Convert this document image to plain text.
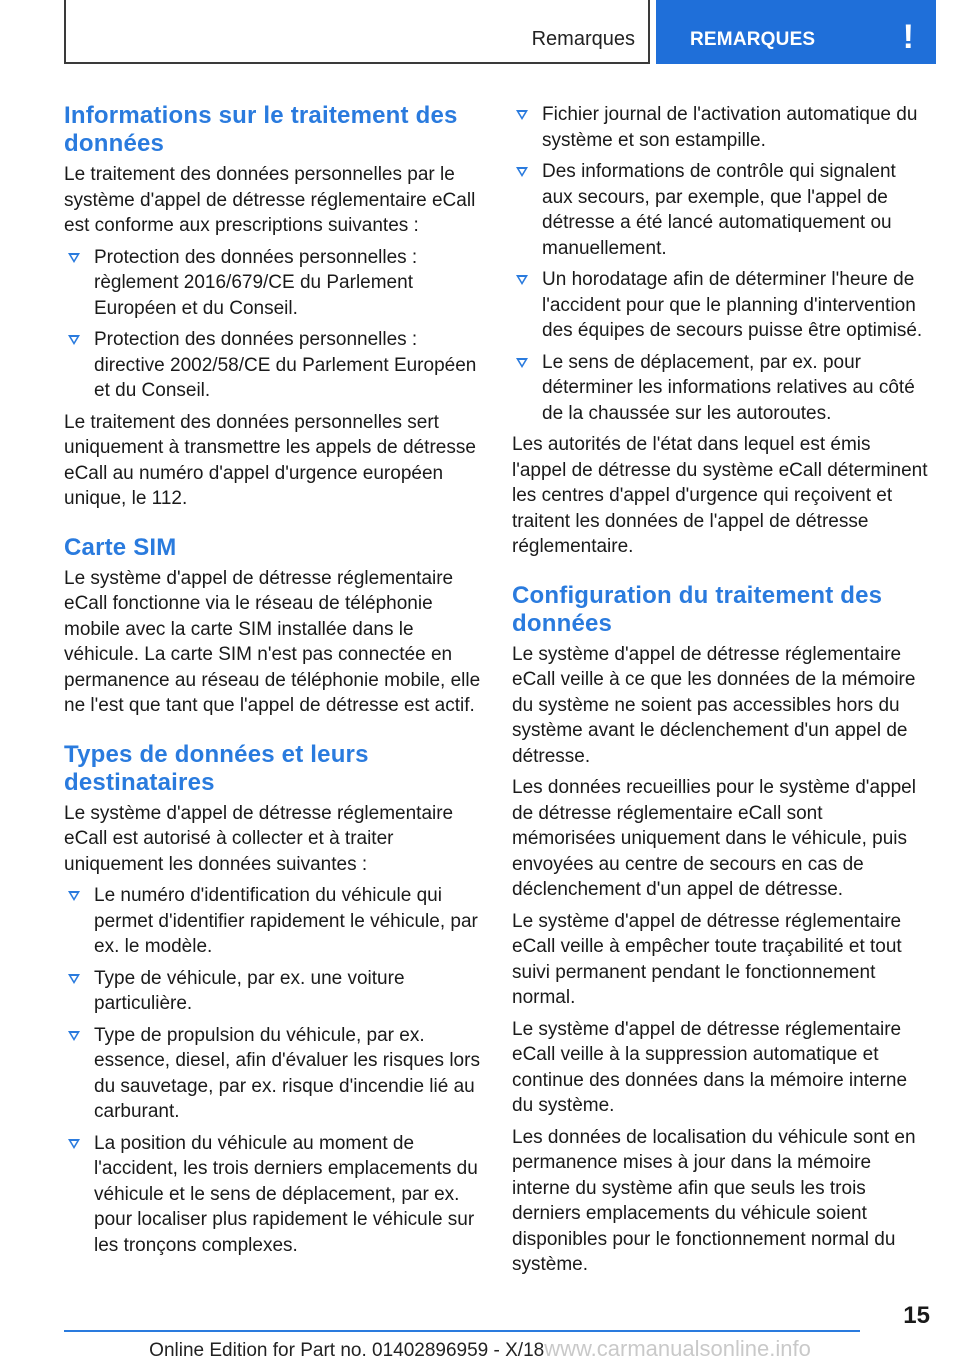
Remarques	REMARQUES	!
Informations sur le traitement des données

Le traitement des données personnelles par le système d'appel de détresse réglementaire eCall est conforme aux prescriptions suivantes :

Protection des données personnelles : règlement 2016/679/CE du Parlement Européen et du Conseil.
Protection des données personnelles : directive 2002/58/CE du Parlement Européen et du Conseil.

Le traitement des données personnelles sert uniquement à transmettre les appels de détresse eCall au numéro d'appel d'urgence européen unique, le 112.

Carte SIM

Le système d'appel de détresse réglementaire eCall fonctionne via le réseau de téléphonie mobile avec la carte SIM installée dans le véhicule. La carte SIM n'est pas connectée en permanence au réseau de téléphonie mobile, elle ne l'est que tant que l'appel de détresse est actif.

Types de données et leurs destinataires

Le système d'appel de détresse réglementaire eCall est autorisé à collecter et à traiter uniquement les données suivantes :

Le numéro d'identification du véhicule qui permet d'identifier rapidement le véhicule, par ex. le modèle.
Type de véhicule, par ex. une voiture particulière.
Type de propulsion du véhicule, par ex. essence, diesel, afin d'évaluer les risques lors du sauvetage, par ex. risque d'incendie lié au carburant.
La position du véhicule au moment de l'accident, les trois derniers emplacements du véhicule et le sens de déplacement, par ex. pour localiser plus rapidement le véhicule sur les tronçons complexes.
Fichier journal de l'activation automatique du système et son estampille.
Des informations de contrôle qui signalent aux secours, par exemple, que l'appel de détresse a été lancé automatiquement ou manuellement.
Un horodatage afin de déterminer l'heure de l'accident pour que le planning d'intervention des équipes de secours puisse être optimisé.
Le sens de déplacement, par ex. pour déterminer les informations relatives au côté de la chaussée sur les autoroutes.

Les autorités de l'état dans lequel est émis l'appel de détresse du système eCall déterminent les centres d'appel d'urgence qui reçoivent et traitent les données de l'appel de détresse réglementaire.

Configuration du traitement des données

Le système d'appel de détresse réglementaire eCall veille à ce que les données de la mémoire du système ne soient pas accessibles hors du système avant le déclenchement d'un appel de détresse.

Les données recueillies pour le système d'appel de détresse réglementaire eCall sont mémorisées uniquement dans le véhicule, puis envoyées au centre de secours en cas de déclenchement d'un appel de détresse.

Le système d'appel de détresse réglementaire eCall veille à empêcher toute traçabilité et tout suivi permanent pendant le fonctionnement normal.

Le système d'appel de détresse réglementaire eCall veille à la suppression automatique et continue des données dans la mémoire interne du système.

Les données de localisation du véhicule sont en permanence mises à jour dans la mémoire interne du système afin que seuls les trois derniers emplacements du véhicule soient disponibles pour le fonctionnement normal du système.

15
Online Edition for Part no. 01402896959 - X/18www.carmanualsonline.info
